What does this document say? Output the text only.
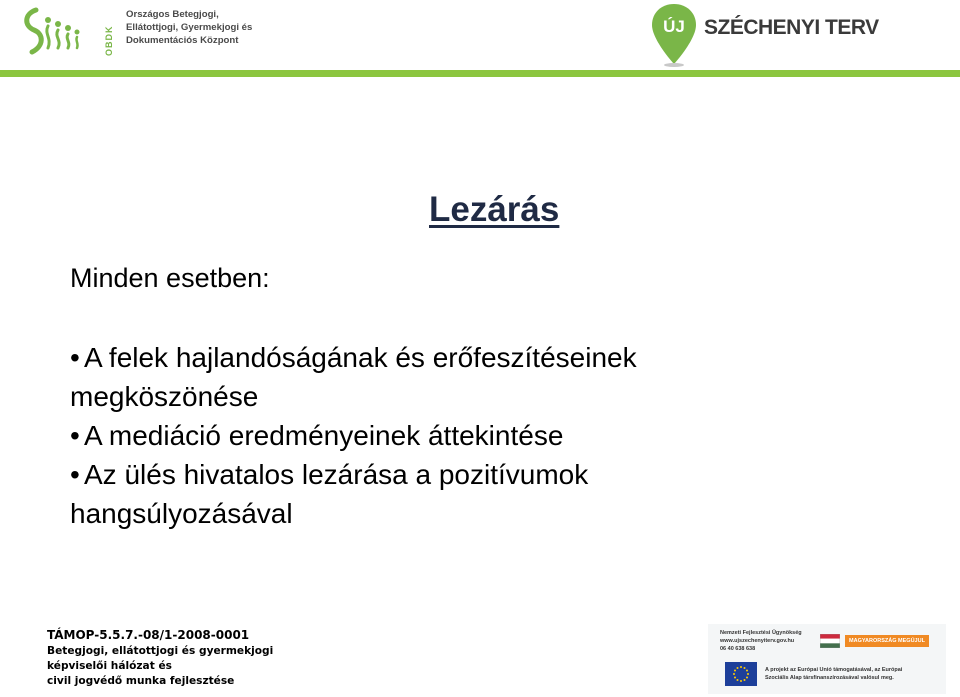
OBDK
Országos Betegjogi,
Ellátottjogi, Gyermekjogi és
Dokumentációs Központ
ÚJ SZÉCHENYI TERV
Lezárás
Minden esetben:
• A felek hajlandóságának és erőfeszítéseinek megköszönése
• A mediáció eredményeinek áttekintése
• Az ülés hivatalos lezárása a pozitívumok hangsúlyozásával
TÁMOP-5.5.7.-08/1-2008-0001
Betegjogi, ellátottjogi és gyermekjogi
képviselői hálózat és
civil jogvédő munka fejlesztése
Nemzeti Fejlesztési Ügynökség
www.ujszechenyiterv.gov.hu
06 40 638 638
MAGYARORSZÁG MEGÚJUL
A projekt az Európai Unió támogatásával, az Európai
Szociális Alap társfinanszírozásával valósul meg.
